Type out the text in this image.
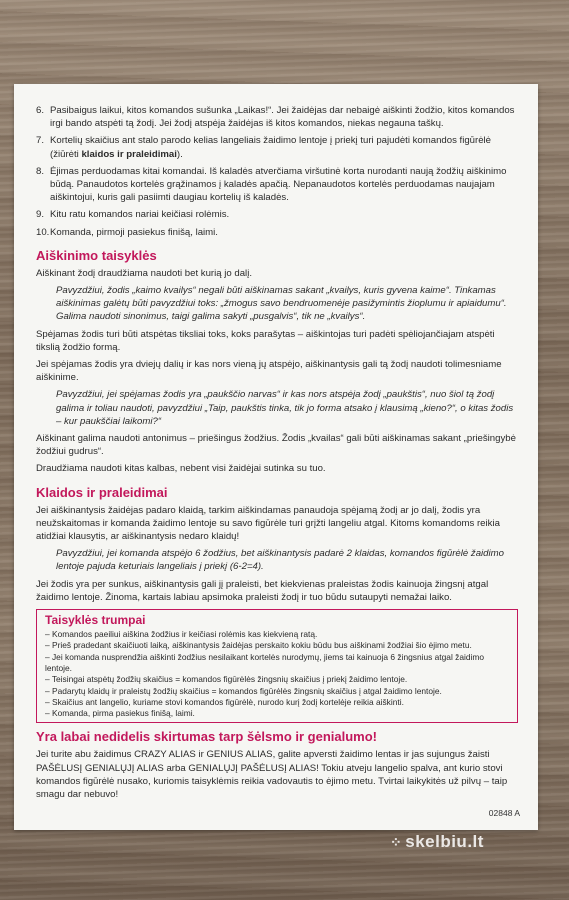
6. Pasibaigus laikui, kitos komandos sušunka „Laikas!“. Jei žaidėjas dar nebaigė aiškinti žodžio, kitos komandos irgi bando atspėti tą žodį. Jei žodį atspėja žaidėjas iš kitos komandos, niekas negauna taškų.
7. Kortelių skaičius ant stalo parodo kelias langeliais žaidimo lentoje į priekį turi pajudėti komandos figūrėlė (žiūrėti klaidos ir praleidimai).
8. Ėjimas perduodamas kitai komandai. Iš kaladės atverčiama viršutinė korta nurodanti naują žodžių aiškinimo būdą. Panaudotos kortelės grąžinamos į kaladės apačią. Nepanaudotos kortelės perduodamas naujajam aiškintojui, kuris gali pasiimti daugiau kortelių iš kaladės.
9. Kitu ratu komandos nariai keičiasi rolėmis.
10. Komanda, pirmoji pasiekus finišą, laimi.
Aiškinimo taisyklės

Aiškinant žodį draudžiama naudoti bet kurią jo dalį.

Pavyzdžiui, žodis „kaimo kvailys“ negali būti aiškinamas sakant „kvailys, kuris gyvena kaime“. Tinkamas aiškinimas galėtų būti pavyzdžiui toks: „žmogus savo bendruomenėje pasižymintis žioplumu ir apiaidumu“. Galima naudoti sinonimus, taigi galima sakyti „pusgalvis“, tik ne „kvailys“.

Spėjamas žodis turi būti atspėtas tiksliai toks, koks parašytas – aiškintojas turi padėti spėliojančiajam atspėti tikslią žodžio formą.

Jei spėjamas žodis yra dviejų dalių ir kas nors vieną jų atspėjo, aiškinantysis gali tą žodį naudoti tolimesniame aiškinime.

Pavyzdžiui, jei spėjamas žodis yra „paukščio narvas“ ir kas nors atspėja žodį „paukštis“, nuo šiol tą žodį galima ir toliau naudoti, pavyzdžiui „Taip, paukštis tinka, tik jo forma atsako į klausimą „kieno?“, o kitas žodis – kur paukščiai laikomi?“

Aiškinant galima naudoti antonimus – priešingus žodžius. Žodis „kvailas“ gali būti aiškinamas sakant „priešingybė žodžiui gudrus“.

Draudžiama naudoti kitas kalbas, nebent visi žaidėjai sutinka su tuo.

Klaidos ir praleidimai

Jei aiškinantysis žaidėjas padaro klaidą, tarkim aiškindamas panaudoja spėjamą žodį ar jo dalį, žodis yra neužskaitomas ir komanda žaidimo lentoje su savo figūrėle turi grįžti langeliu atgal. Kitoms komandoms reikia atidžiai klausytis, ar aiškinantysis nedaro klaidų!

Pavyzdžiui, jei komanda atspėjo 6 žodžius, bet aiškinantysis padarė 2 klaidas, komandos figūrėlė žaidimo lentoje pajuda keturiais langeliais į priekį (6-2=4).

Jei žodis yra per sunkus, aiškinantysis gali jį praleisti, bet kiekvienas praleistas žodis kainuoja žingsnį atgal žaidimo lentoje. Žinoma, kartais labiau apsimoka praleisti žodį ir tuo būdu sutaupyti nemažai laiko.

Taisyklės trumpai

– Komandos paeiliui aiškina žodžius ir keičiasi rolėmis kas kiekvieną ratą.

– Prieš pradedant skaičiuoti laiką, aiškinantysis žaidėjas perskaito kokiu būdu bus aiškinami žodžiai šio ėjimo metu.

– Jei komanda nusprendžia aiškinti žodžius nesilaikant kortelės nurodymų, jiems tai kainuoja 6 žingsnius atgal žaidimo lentoje.

– Teisingai atspėtų žodžių skaičius = komandos figūrėlės žingsnių skaičius į priekį žaidimo lentoje.

– Padarytų klaidų ir praleistų žodžių skaičius = komandos figūrėlės žingsnių skaičius į atgal žaidimo lentoje.

– Skaičius ant langelio, kuriame stovi komandos figūrėlė, nurodo kurį žodį kortelėje reikia aiškinti.

– Komanda, pirma pasiekus finišą, laimi.

Yra labai nedidelis skirtumas tarp šėlsmo ir genialumo!

Jei turite abu žaidimus CRAZY ALIAS ir GENIUS ALIAS, galite apversti žaidimo lentas ir jas sujungus žaisti PAŠĖLUSĮ GENIALŲJĮ ALIAS arba GENIALŲJĮ PAŠĖLUSĮ ALIAS! Tokiu atveju langelio spalva, ant kurio stovi komandos figūrėlė nusako, kuriomis taisyklėmis reikia vadovautis to ėjimo metu. Tvirtai laikykitės už pilvų – taip smagu dar nebuvo!

02848 A
⁘ skelbiu.lt
